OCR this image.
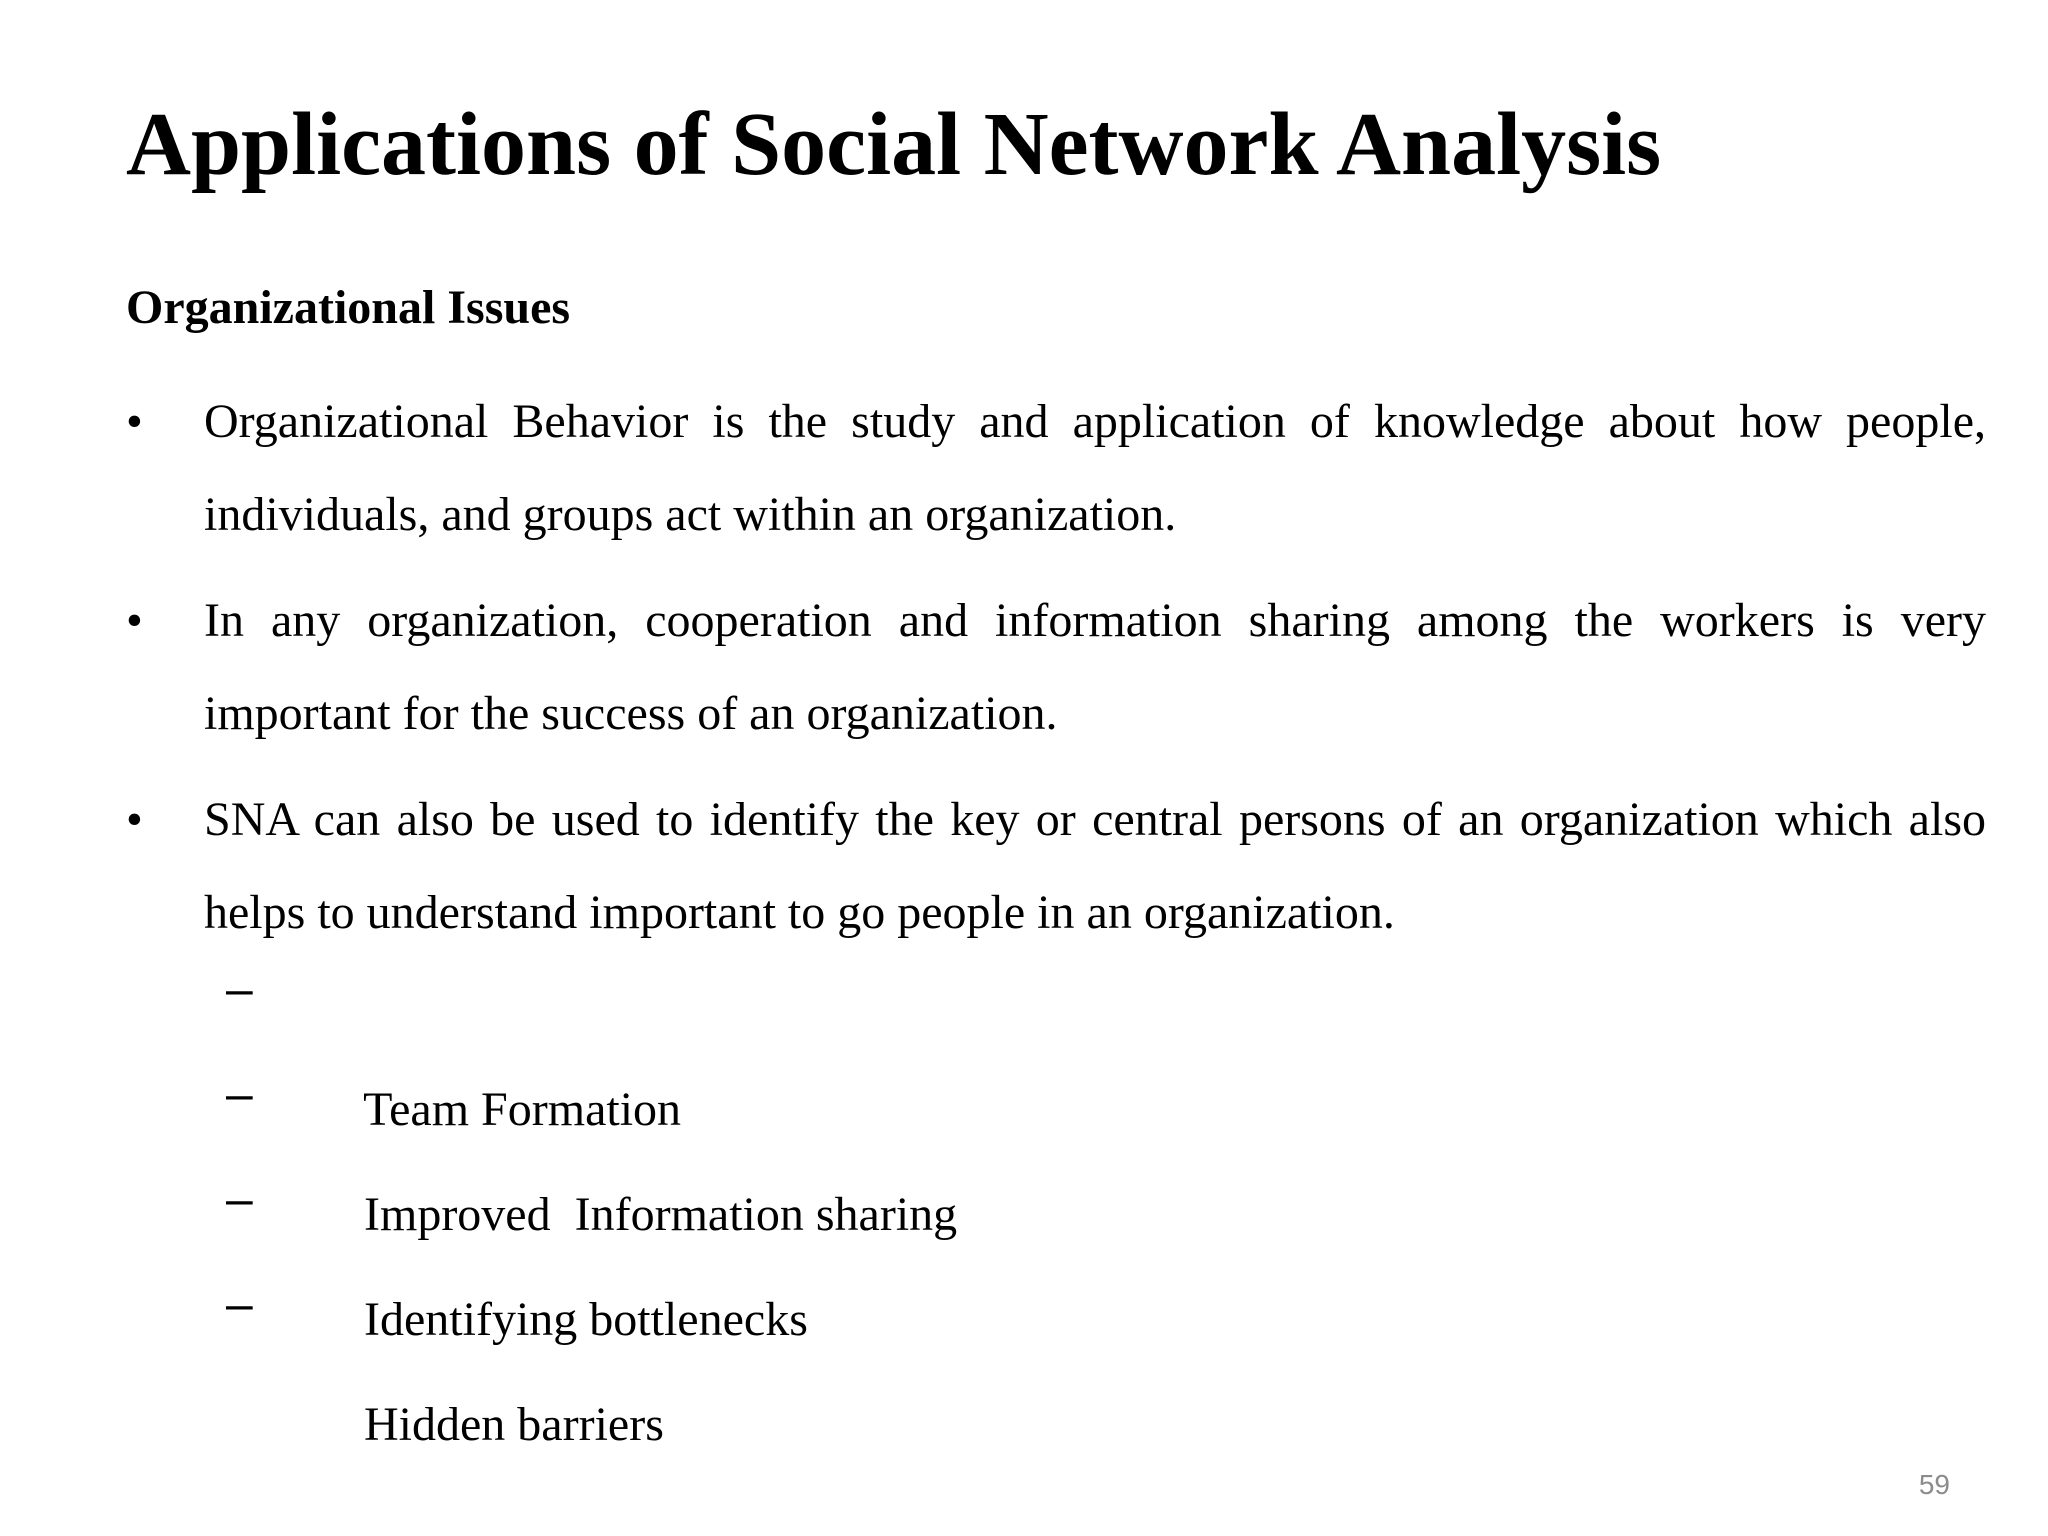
Applications of Social Network Analysis

Organizational Issues

•	Organizational Behavior is the study and application of knowledge about how people, individuals, and groups act within an organization.
•	In any organization, cooperation and information sharing among the workers is very important for the success of an organization.
•	SNA can also be used to identify the key or central persons of an organization which also helps to understand important to go people in an organization.

–

Team Formation

–

Improved  Information sharing

–

Identifying bottlenecks

–

Hidden barriers

59
